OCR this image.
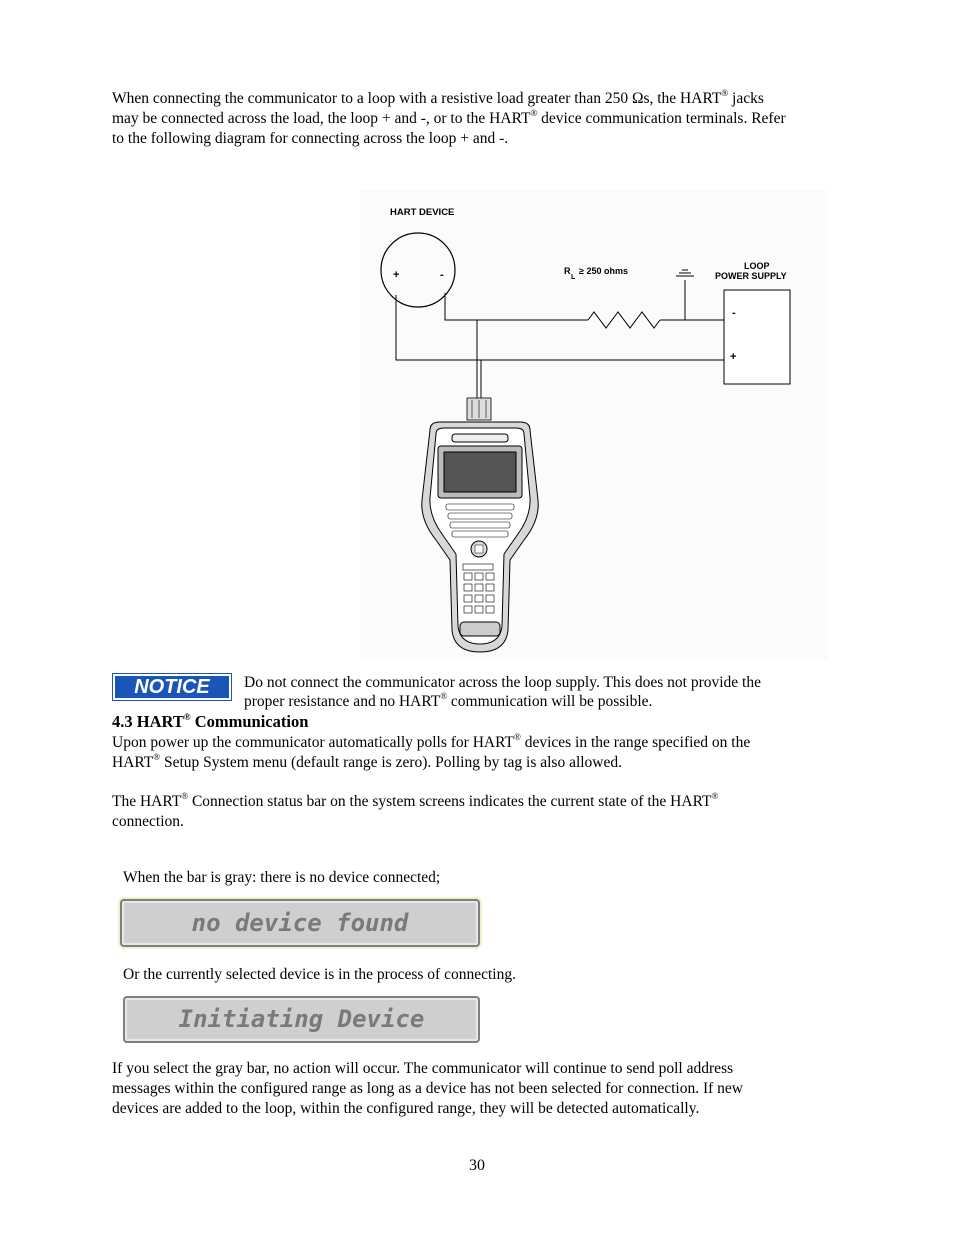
When connecting the communicator to a loop with a resistive load greater than 250 Ωs, the HART® jacks
may be connected across the load, the loop + and -, or to the HART® device communication terminals. Refer
to the following diagram for connecting across the loop + and -.
HART DEVICE
+	-	R
L
≥ 250 ohms	LOOP
POWER SUPPLY
-
+
NOTICE	Do not connect the communicator across the loop supply. This does not provide the
proper resistance and no HART® communication will be possible.
4.3 HART® Communication
Upon power up the communicator automatically polls for HART® devices in the range specified on the
HART® Setup System menu (default range is zero). Polling by tag is also allowed.
The HART® Connection status bar on the system screens indicates the current state of the HART®
connection.
When the bar is gray: there is no device connected;
no device found
Or the currently selected device is in the process of connecting.
Initiating Device
If you select the gray bar, no action will occur. The communicator will continue to send poll address
messages within the configured range as long as a device has not been selected for connection. If new
devices are added to the loop, within the configured range, they will be detected automatically.
30
